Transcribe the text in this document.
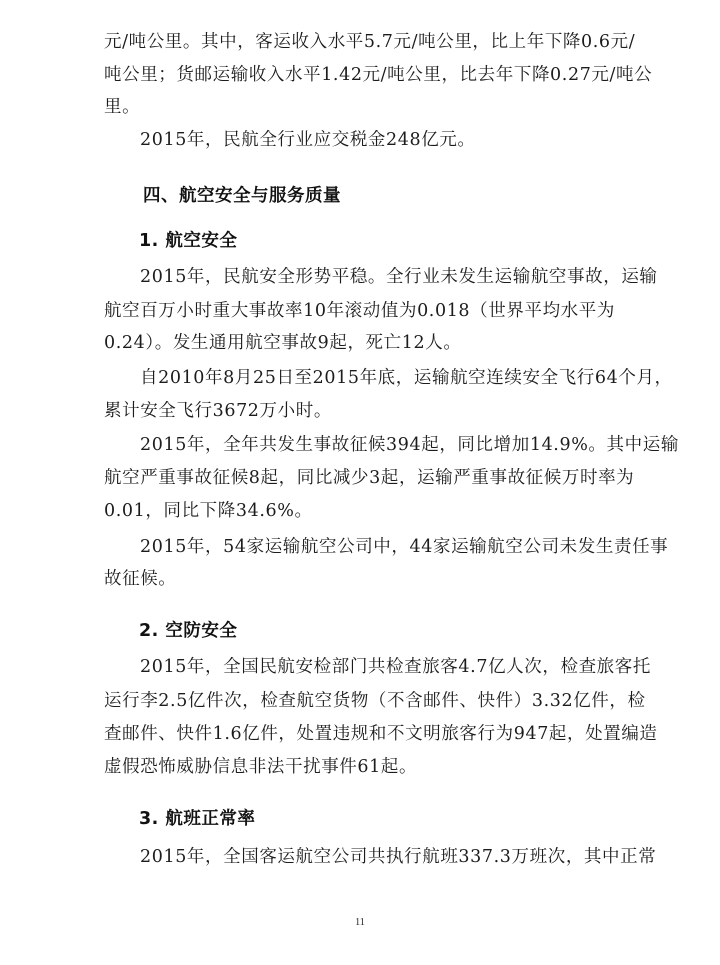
元/吨公里。其中，客运收入水平5.7元/吨公里，比上年下降0.6元/
吨公里；货邮运输收入水平1.42元/吨公里，比去年下降0.27元/吨公
里。
2015年，民航全行业应交税金248亿元。
四、航空安全与服务质量
1. 航空安全
2015年，民航安全形势平稳。全行业未发生运输航空事故，运输
航空百万小时重大事故率10年滚动值为0.018（世界平均水平为
0.24）。发生通用航空事故9起，死亡12人。
自2010年8月25日至2015年底，运输航空连续安全飞行64个月，
累计安全飞行3672万小时。
2015年，全年共发生事故征候394起，同比增加14.9%。其中运输
航空严重事故征候8起，同比减少3起，运输严重事故征候万时率为
0.01，同比下降34.6%。
2015年，54家运输航空公司中，44家运输航空公司未发生责任事
故征候。
2. 空防安全
2015年，全国民航安检部门共检查旅客4.7亿人次，检查旅客托
运行李2.5亿件次，检查航空货物（不含邮件、快件）3.32亿件，检
查邮件、快件1.6亿件，处置违规和不文明旅客行为947起，处置编造
虚假恐怖威胁信息非法干扰事件61起。
3. 航班正常率
2015年，全国客运航空公司共执行航班337.3万班次，其中正常
11
